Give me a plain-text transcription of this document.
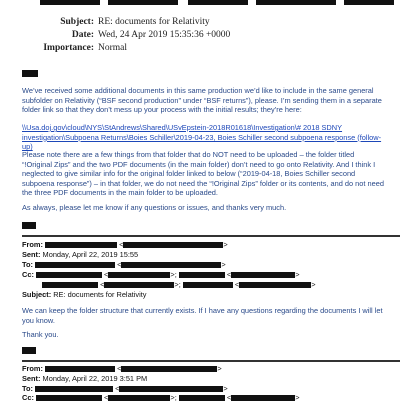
Subject: RE: documents for Relativity
Date: Wed, 24 Apr 2019 15:35:36 +0000
Importance: Normal
We’ve received some additional documents in this same production we’d like to include in the same general subfolder on Relativity (“BSF second production” under “BSF returns”), please. I’m sending them in a separate folder link so that they don’t mess up your process with the initial results; they’re here:
\\Usa.doj.gov\cloud\NYS\StAndrews\Shared\USvEpstein-2018R01618\Investigation\# 2018 SDNY investigation\Subpoena Returns\Boies Schiller\2019-04-23, Boies Schiller second subpoena response (follow-up)
Please note there are a few things from that folder that do NOT need to be uploaded – the folder titled “!Original Zips” and the two PDF documents (in the main folder) don’t need to go onto Relativity. And I think I neglected to give similar info for the original folder linked to below (“2019-04-18, Boies Schiller second subpoena response”) – in that folder, we do not need the “!Original Zips” folder or its contents, and do not need the three PDF documents in the main folder to be uploaded.
As always, please let me know if any questions or issues, and thanks very much.
From:	<	>
Sent: Monday, April 22, 2019 15:55
To:	<	>
Cc:	<	>;	<	>
<	>;	<	>
Subject: RE: documents for Relativity
We can keep the folder structure that currently exists. If I have any questions regarding the documents I will let you know.
Thank you.
From:	<	>
Sent: Monday, April 22, 2019 3:51 PM
To:	<	>
Cc:	<	>;	<	>
